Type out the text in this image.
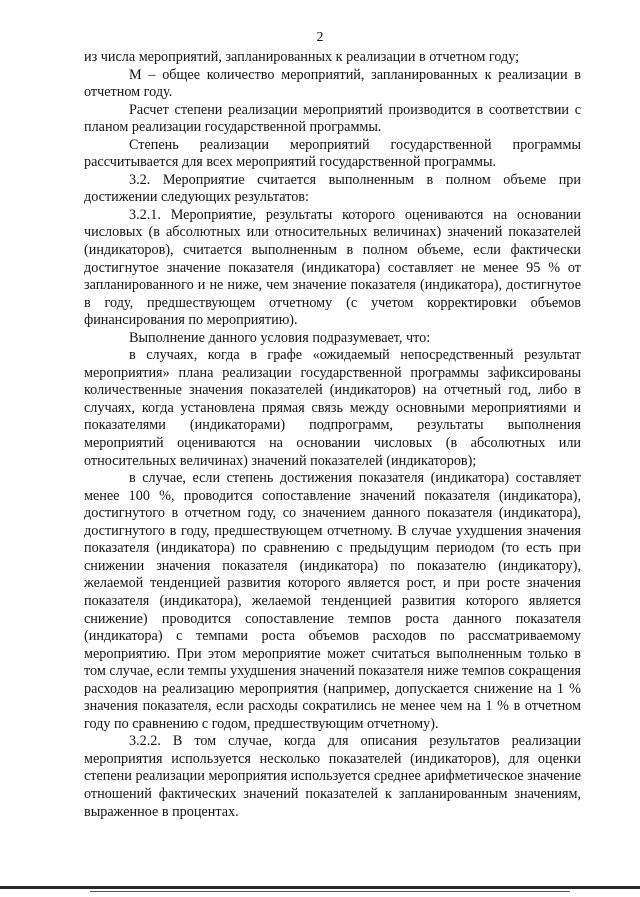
2

из числа мероприятий, запланированных к реализации в отчетном году;

М – общее количество мероприятий, запланированных к реализации в отчетном году.

Расчет степени реализации мероприятий производится в соответствии с планом реализации государственной программы.

Степень реализации мероприятий государственной программы рассчитывается для всех мероприятий государственной программы.

3.2. Мероприятие считается выполненным в полном объеме при достижении следующих результатов:

3.2.1. Мероприятие, результаты которого оцениваются на основании числовых (в абсолютных или относительных величинах) значений показателей (индикаторов), считается выполненным в полном объеме, если фактически достигнутое значение показателя (индикатора) составляет не менее 95 % от запланированного и не ниже, чем значение показателя (индикатора), достигнутое в году, предшествующем отчетному (с учетом корректировки объемов финансирования по мероприятию).

Выполнение данного условия подразумевает, что:

в случаях, когда в графе «ожидаемый непосредственный результат мероприятия» плана реализации государственной программы зафиксированы количественные значения показателей (индикаторов) на отчетный год, либо в случаях, когда установлена прямая связь между основными мероприятиями и показателями (индикаторами) подпрограмм, результаты выполнения мероприятий оцениваются на основании числовых (в абсолютных или относительных величинах) значений показателей (индикаторов);

в случае, если степень достижения показателя (индикатора) составляет менее 100 %, проводится сопоставление значений показателя (индикатора), достигнутого в отчетном году, со значением данного показателя (индикатора), достигнутого в году, предшествующем отчетному. В случае ухудшения значения показателя (индикатора) по сравнению с предыдущим периодом (то есть при снижении значения показателя (индикатора) по показателю (индикатору), желаемой тенденцией развития которого является рост, и при росте значения показателя (индикатора), желаемой тенденцией развития которого является снижение) проводится сопоставление темпов роста данного показателя (индикатора) с темпами роста объемов расходов по рассматриваемому мероприятию. При этом мероприятие может считаться выполненным только в том случае, если темпы ухудшения значений показателя ниже темпов сокращения расходов на реализацию мероприятия (например, допускается снижение на 1 % значения показателя, если расходы сократились не менее чем на 1 % в отчетном году по сравнению с годом, предшествующим отчетному).

3.2.2. В том случае, когда для описания результатов реализации мероприятия используется несколько показателей (индикаторов), для оценки степени реализации мероприятия используется среднее арифметическое значение отношений фактических значений показателей к запланированным значениям, выраженное в процентах.
